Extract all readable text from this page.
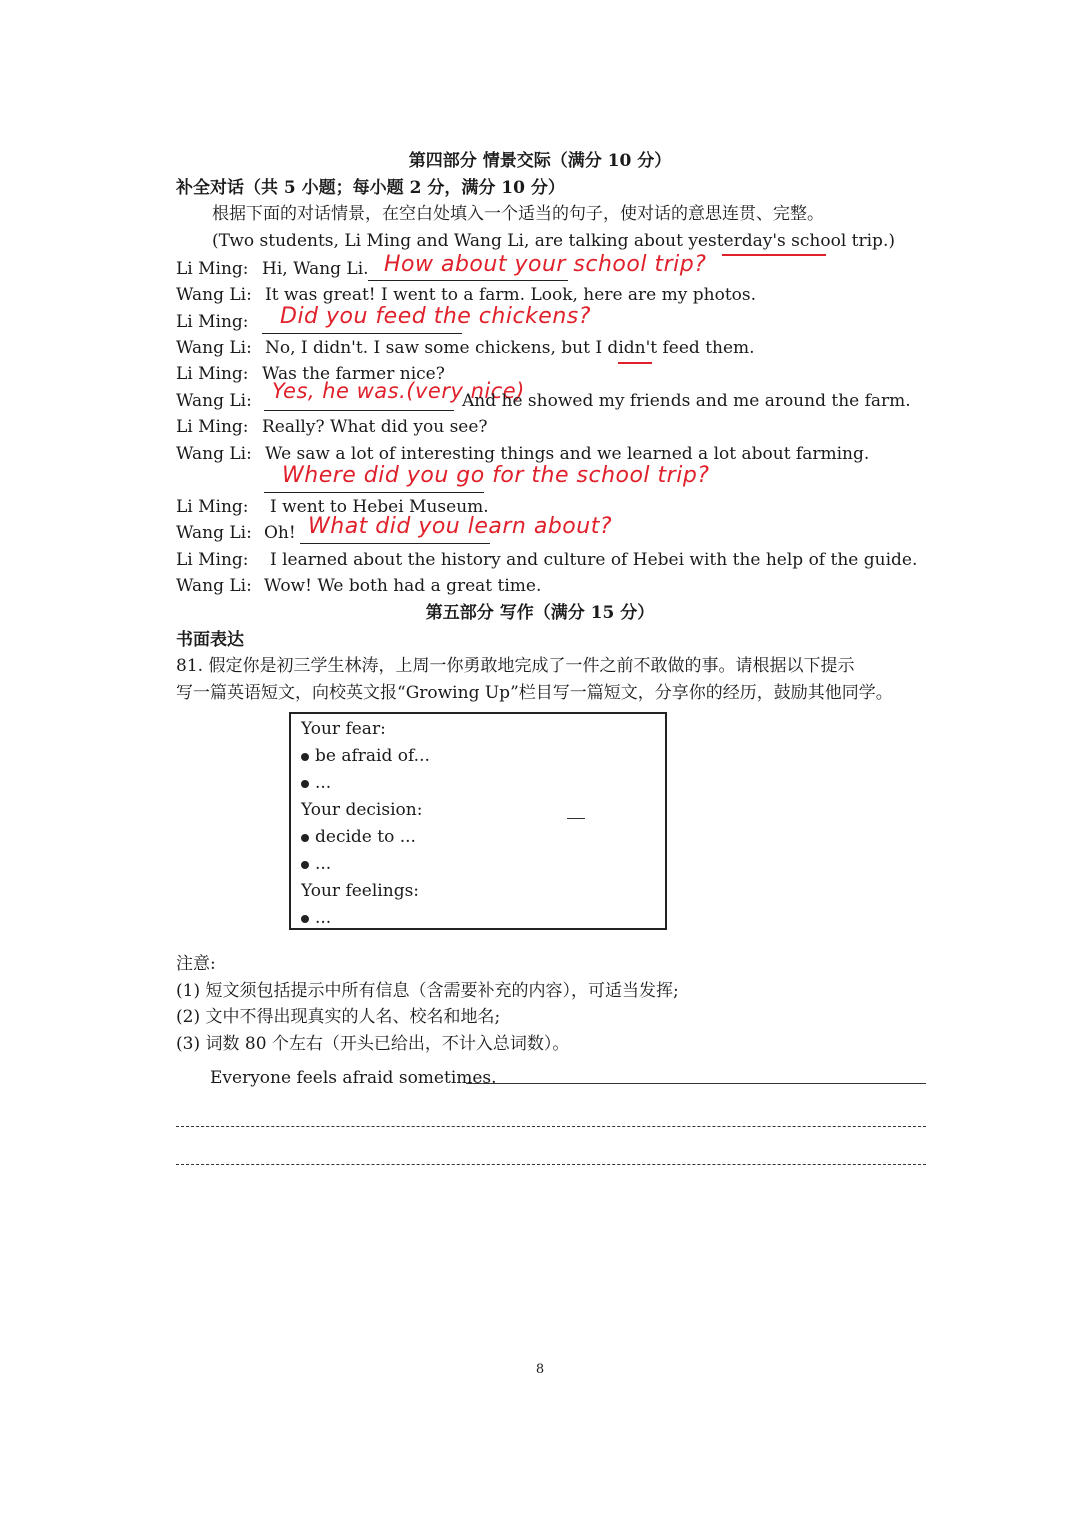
第四部分 情景交际（满分 10 分）
补全对话（共 5 小题；每小题 2 分，满分 10 分）
根据下面的对话情景，在空白处填入一个适当的句子，使对话的意思连贯、完整。
(Two students, Li Ming and Wang Li, are talking about yesterday's school trip.)
Li Ming: Hi, Wang Li. How about your school trip?
Wang Li: It was great! I went to a farm. Look, here are my photos.
Li Ming: Did you feed the chickens?
Wang Li: No, I didn't. I saw some chickens, but I didn't feed them.
Li Ming: Was the farmer nice?
Wang Li: Yes, he was.(very nice)
And he showed my friends and me around the farm.
Li Ming: Really? What did you see?
Wang Li: We saw a lot of interesting things and we learned a lot about farming.
Where did you go for the school trip?
Li Ming: I went to Hebei Museum.
Wang Li: Oh! What did you learn about?
Li Ming: I learned about the history and culture of Hebei with the help of the guide.
Wang Li: Wow! We both had a great time.
第五部分 写作（满分 15 分）
书面表达
81. 假定你是初三学生林涛，上周一你勇敢地完成了一件之前不敢做的事。请根据以下提示
写一篇英语短文，向校英文报“Growing Up”栏目写一篇短文，分享你的经历，鼓励其他同学。
Your fear:
be afraid of...
...
Your decision:
decide to ...
...
Your feelings:
...
注意:
(1) 短文须包括提示中所有信息（含需要补充的内容），可适当发挥;
(2) 文中不得出现真实的人名、校名和地名;
(3) 词数 80 个左右（开头已给出，不计入总词数）。
Everyone feels afraid sometimes.
8
